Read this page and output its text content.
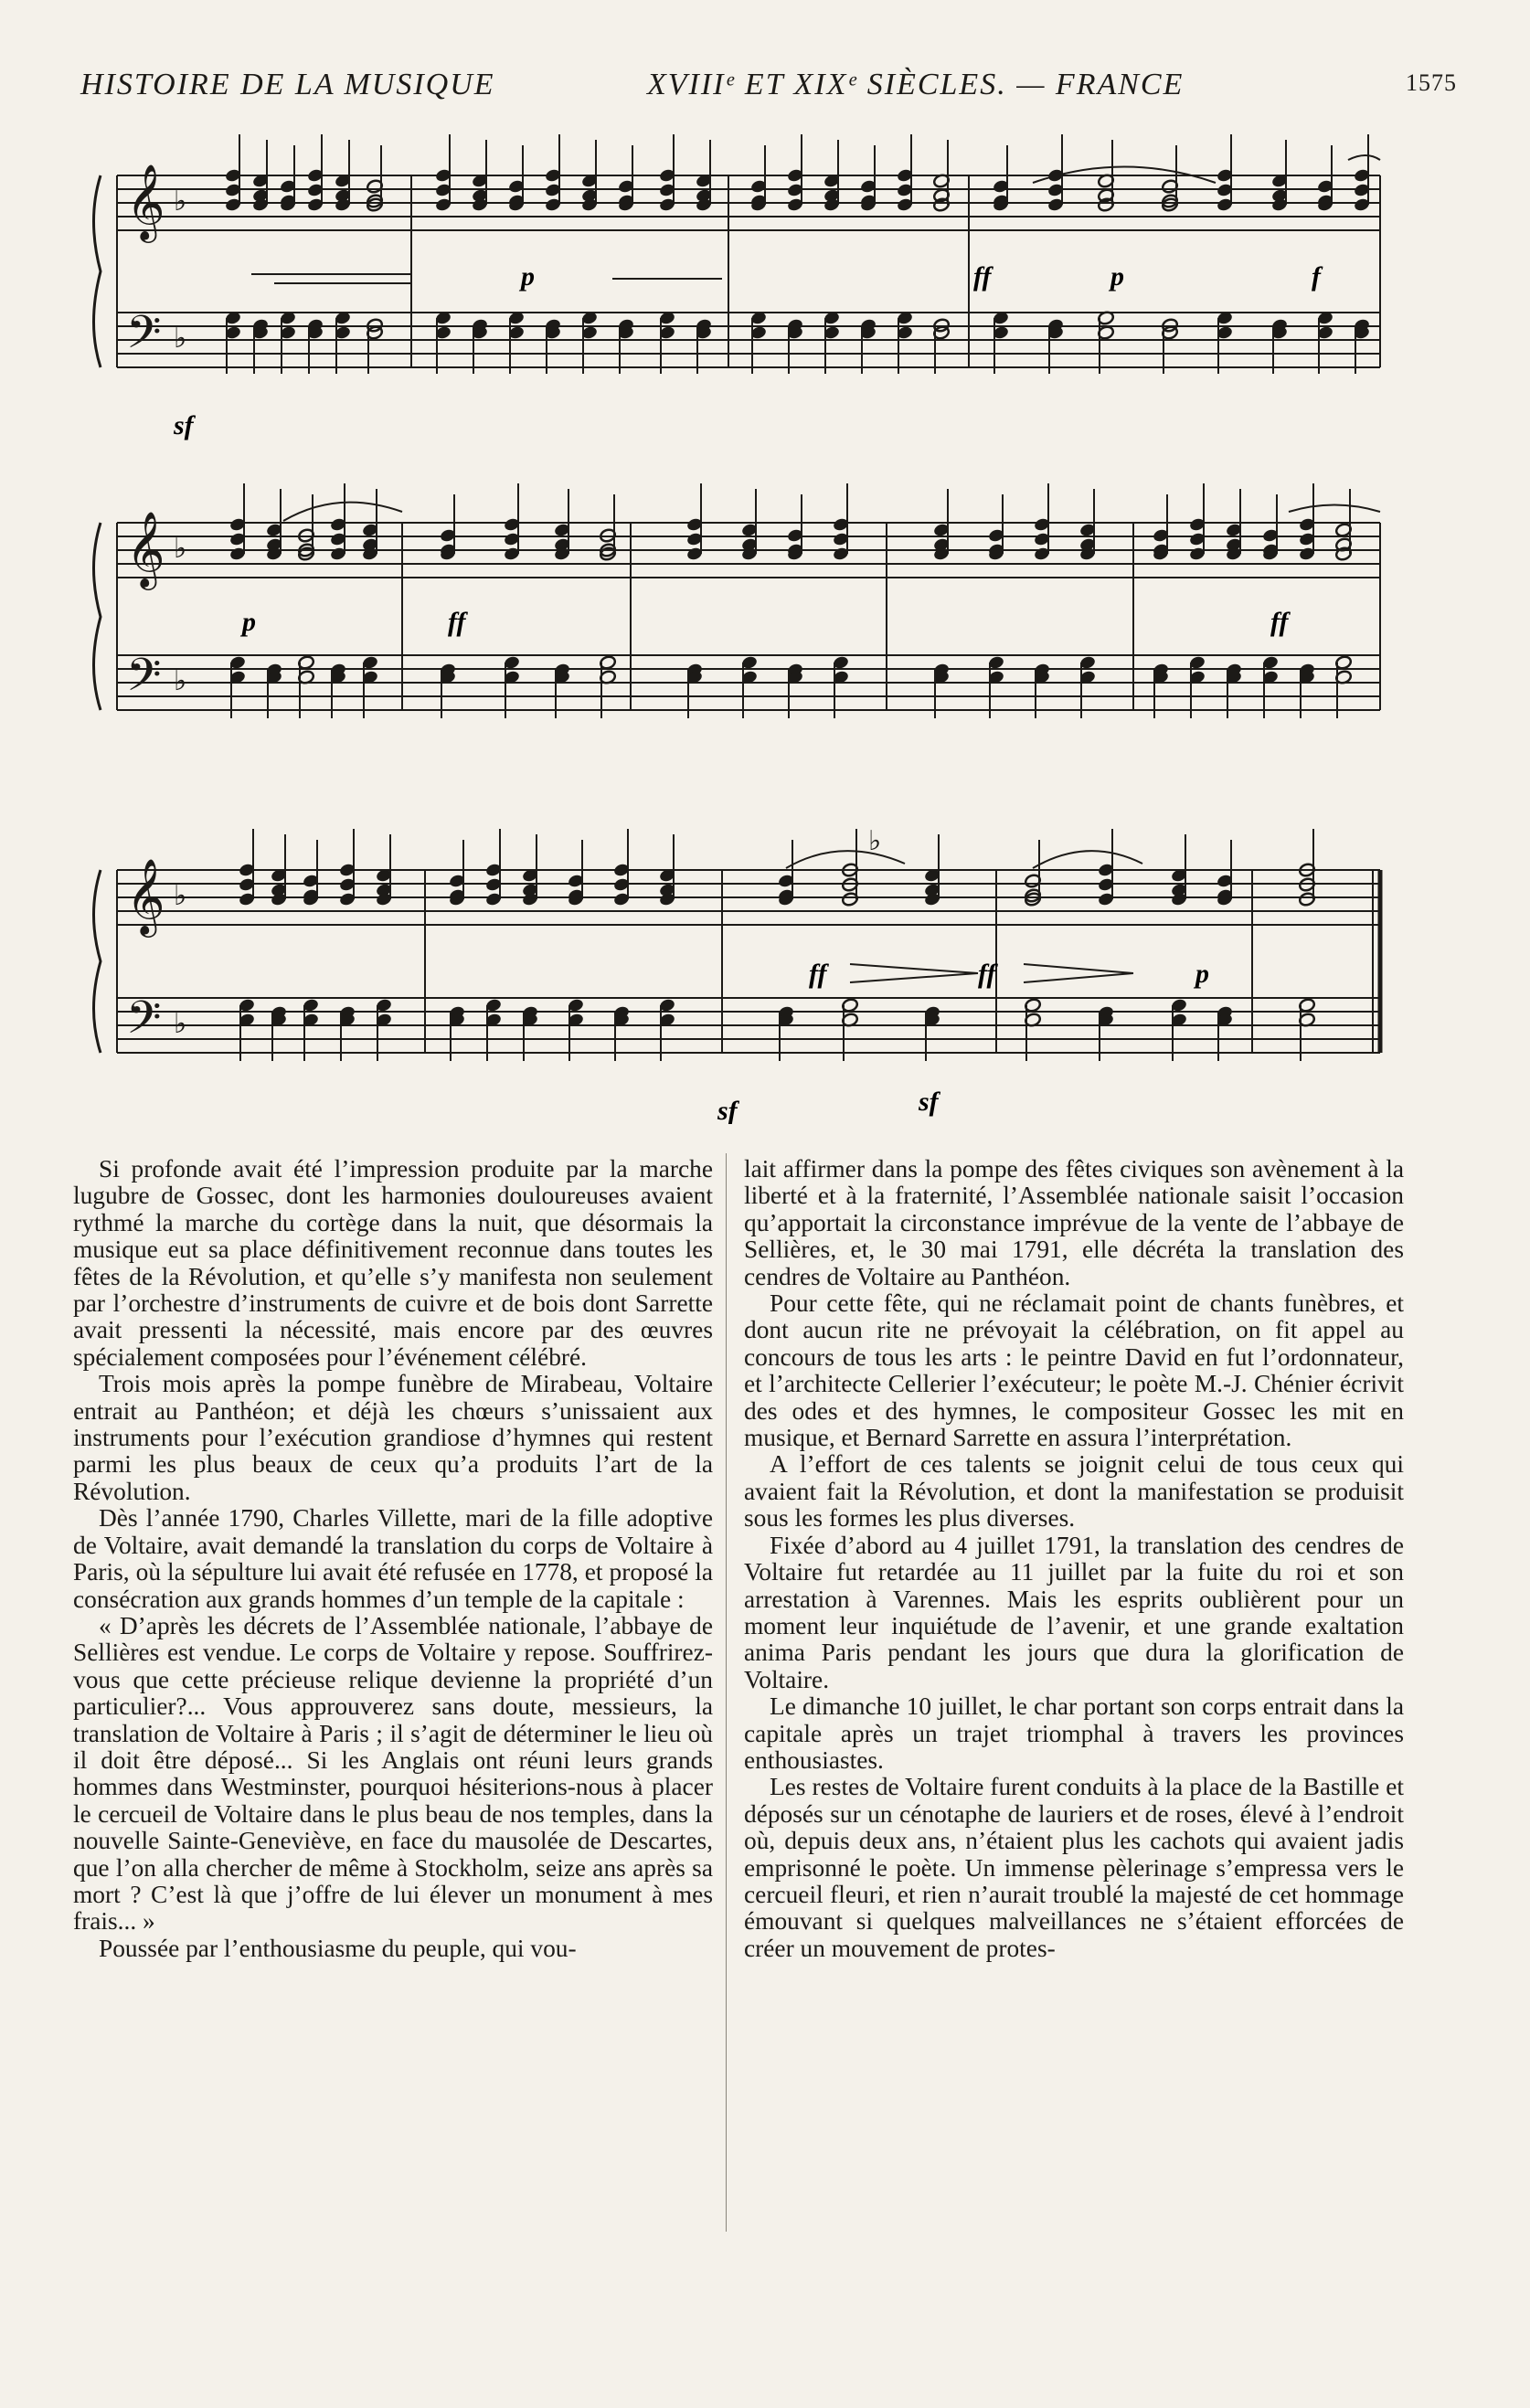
HISTOIRE DE LA MUSIQUE	XVIIIᵉ ET XIXᵉ SIÈCLES. — FRANCE	1575
𝄞
𝄢
♭
♭
sf
p	ff	p	f
𝄞
𝄢
♭
♭
p	ff	ff
𝄞
𝄢
♭
♭
♭
ff	ff	p
sf	sf

Si profonde avait été l’impression produite par la marche lugubre de Gossec, dont les harmonies douloureuses avaient rythmé la marche du cortège dans la nuit, que désormais la musique eut sa place définitivement reconnue dans toutes les fêtes de la Révolution, et qu’elle s’y manifesta non seulement par l’orchestre d’instruments de cuivre et de bois dont Sarrette avait pressenti la nécessité, mais encore par des œuvres spécialement composées pour l’événement célébré.

Trois mois après la pompe funèbre de Mirabeau, Voltaire entrait au Panthéon; et déjà les chœurs s’unissaient aux instruments pour l’exécution grandiose d’hymnes qui restent parmi les plus beaux de ceux qu’a produits l’art de la Révolution.

Dès l’année 1790, Charles Villette, mari de la fille adoptive de Voltaire, avait demandé la translation du corps de Voltaire à Paris, où la sépulture lui avait été refusée en 1778, et proposé la consécration aux grands hommes d’un temple de la capitale :

« D’après les décrets de l’Assemblée nationale, l’abbaye de Sellières est vendue. Le corps de Voltaire y repose. Souffrirez-vous que cette précieuse relique devienne la propriété d’un particulier?... Vous approuverez sans doute, messieurs, la translation de Voltaire à Paris ; il s’agit de déterminer le lieu où il doit être déposé... Si les Anglais ont réuni leurs grands hommes dans Westminster, pourquoi hésiterions-nous à placer le cercueil de Voltaire dans le plus beau de nos temples, dans la nouvelle Sainte-Geneviève, en face du mausolée de Descartes, que l’on alla chercher de même à Stockholm, seize ans après sa mort ? C’est là que j’offre de lui élever un monument à mes frais... »

Poussée par l’enthousiasme du peuple, qui vou-

lait affirmer dans la pompe des fêtes civiques son avènement à la liberté et à la fraternité, l’Assemblée nationale saisit l’occasion qu’apportait la circonstance imprévue de la vente de l’abbaye de Sellières, et, le 30 mai 1791, elle décréta la translation des cendres de Voltaire au Panthéon.

Pour cette fête, qui ne réclamait point de chants funèbres, et dont aucun rite ne prévoyait la célébration, on fit appel au concours de tous les arts : le peintre David en fut l’ordonnateur, et l’architecte Cellerier l’exécuteur; le poète M.-J. Chénier écrivit des odes et des hymnes, le compositeur Gossec les mit en musique, et Bernard Sarrette en assura l’interprétation.

A l’effort de ces talents se joignit celui de tous ceux qui avaient fait la Révolution, et dont la manifestation se produisit sous les formes les plus diverses.

Fixée d’abord au 4 juillet 1791, la translation des cendres de Voltaire fut retardée au 11 juillet par la fuite du roi et son arrestation à Varennes. Mais les esprits oublièrent pour un moment leur inquiétude de l’avenir, et une grande exaltation anima Paris pendant les jours que dura la glorification de Voltaire.

Le dimanche 10 juillet, le char portant son corps entrait dans la capitale après un trajet triomphal à travers les provinces enthousiastes.

Les restes de Voltaire furent conduits à la place de la Bastille et déposés sur un cénotaphe de lauriers et de roses, élevé à l’endroit où, depuis deux ans, n’étaient plus les cachots qui avaient jadis emprisonné le poète. Un immense pèlerinage s’empressa vers le cercueil fleuri, et rien n’aurait troublé la majesté de cet hommage émouvant si quelques malveillances ne s’étaient efforcées de créer un mouvement de protes-
